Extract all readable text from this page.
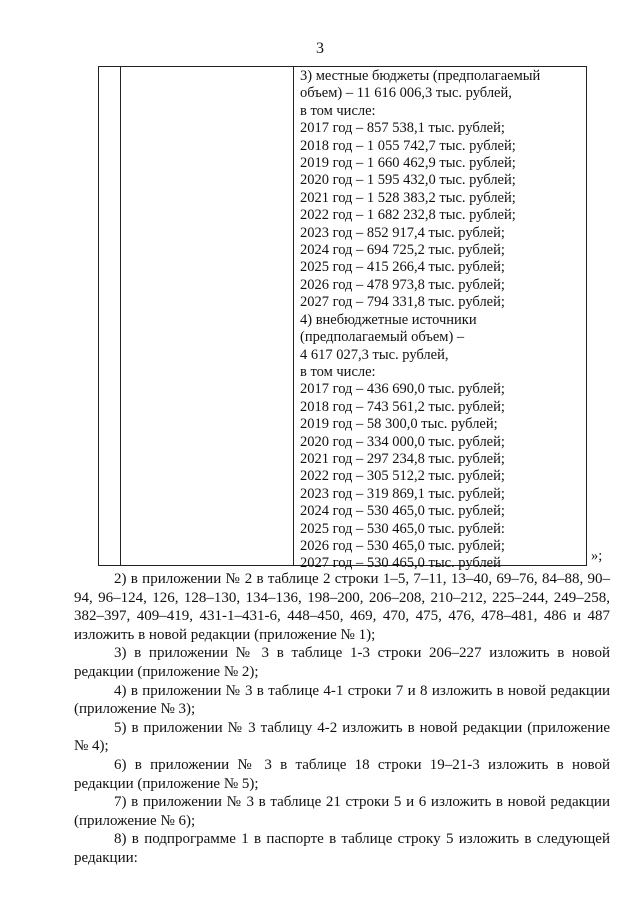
3
3) местные бюджеты (предполагаемый
объем) – 11 616 006,3 тыс. рублей,
в том числе:
2017 год – 857 538,1 тыс. рублей;
2018 год – 1 055 742,7 тыс. рублей;
2019 год – 1 660 462,9 тыс. рублей;
2020 год – 1 595 432,0 тыс. рублей;
2021 год – 1 528 383,2 тыс. рублей;
2022 год – 1 682 232,8 тыс. рублей;
2023 год – 852 917,4 тыс. рублей;
2024 год – 694 725,2 тыс. рублей;
2025 год – 415 266,4 тыс. рублей;
2026 год – 478 973,8 тыс. рублей;
2027 год – 794 331,8 тыс. рублей;
4) внебюджетные источники
(предполагаемый объем) –
4 617 027,3 тыс. рублей,
в том числе:
2017 год – 436 690,0 тыс. рублей;
2018 год – 743 561,2 тыс. рублей;
2019 год – 58 300,0 тыс. рублей;
2020 год – 334 000,0 тыс. рублей;
2021 год – 297 234,8 тыс. рублей;
2022 год – 305 512,2 тыс. рублей;
2023 год – 319 869,1 тыс. рублей;
2024 год – 530 465,0 тыс. рублей;
2025 год – 530 465,0 тыс. рублей:
2026 год – 530 465,0 тыс. рублей;
2027 год – 530 465,0 тыс. рублей	»;

2) в приложении № 2 в таблице 2 строки 1–5, 7–11, 13–40, 69–76, 84–88, 90–94, 96–124, 126, 128–130, 134–136, 198–200, 206–208, 210–212, 225–244, 249–258, 382–397, 409–419, 431-1–431-6, 448–450, 469, 470, 475, 476, 478–481, 486 и 487 изложить в новой редакции (приложение № 1);

3) в приложении № 3 в таблице 1-3 строки 206–227 изложить в новой редакции (приложение № 2);

4) в приложении № 3 в таблице 4-1 строки 7 и 8 изложить в новой редакции (приложение № 3);

5) в приложении № 3 таблицу 4-2 изложить в новой редакции (приложение № 4);

6) в приложении № 3 в таблице 18 строки 19–21-3 изложить в новой редакции (приложение № 5);

7) в приложении № 3 в таблице 21 строки 5 и 6 изложить в новой редакции (приложение № 6);

8) в подпрограмме 1 в паспорте в таблице строку 5 изложить в следующей редакции:
